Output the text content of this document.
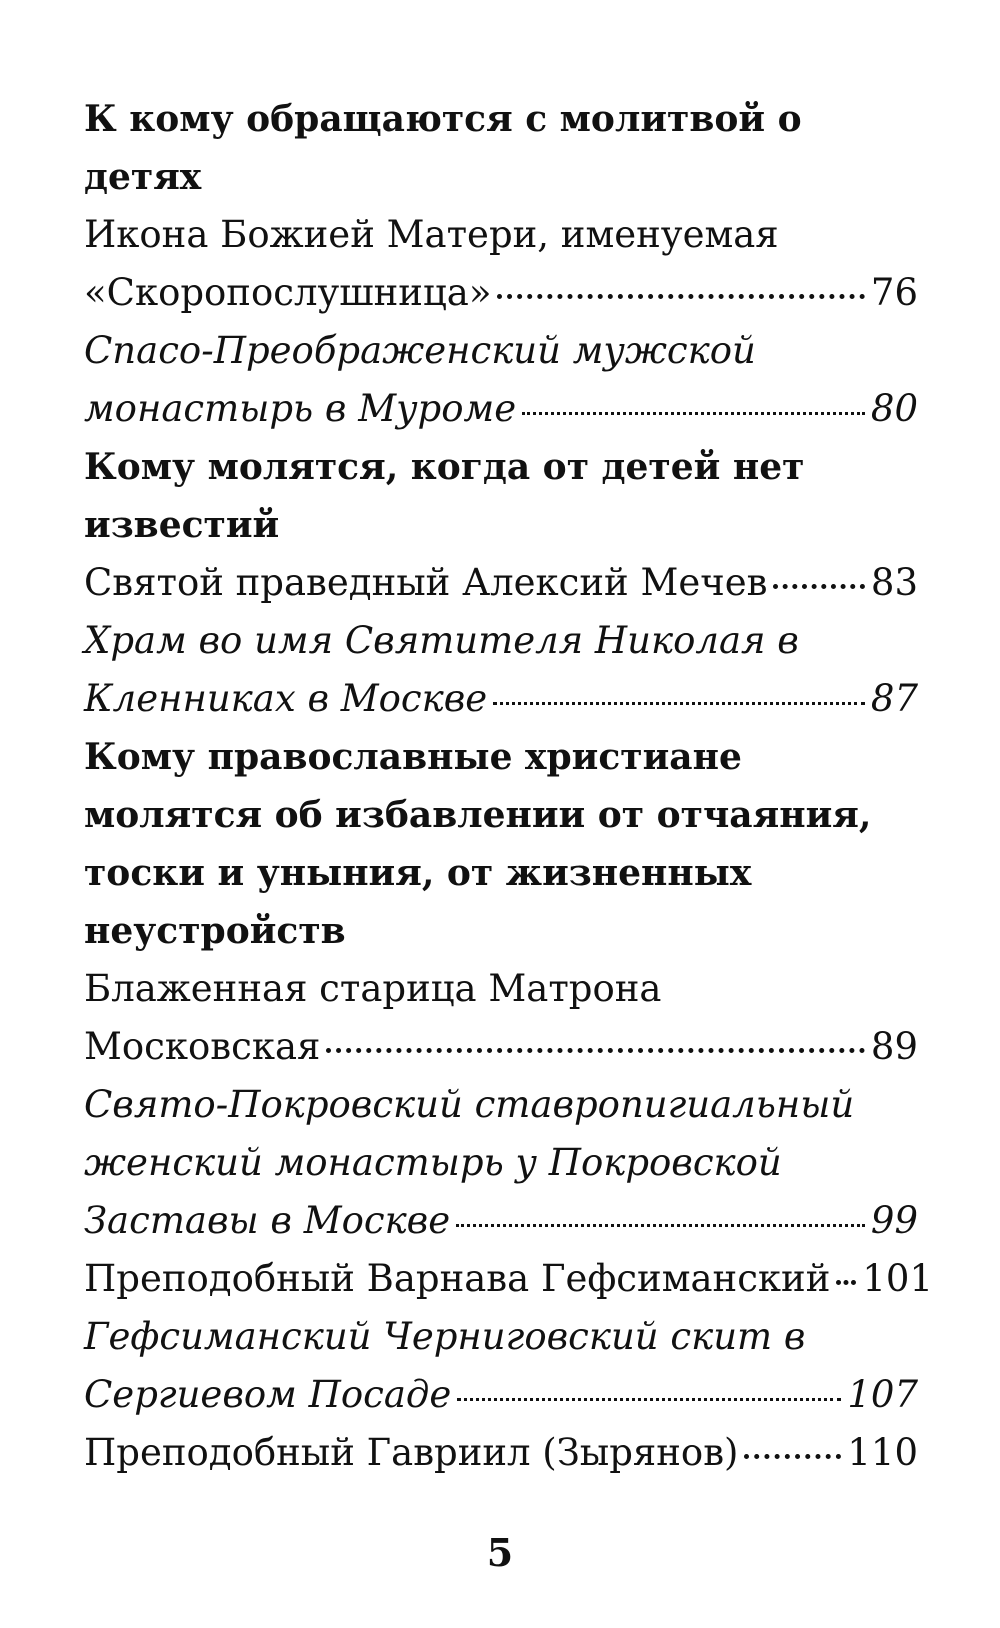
К кому обращаются с молитвой о
детях
Икона Божией Матери, именуемая
«Скоропослушница»	76
Спасо-Преображенский мужской
монастырь в Муроме	80
Кому молятся, когда от детей нет
известий
Святой праведный Алексий Мечев	83
Храм во имя Святителя Николая в
Кленниках в Москве	87
Кому православные христиане
молятся об избавлении от отчаяния,
тоски и уныния, от жизненных
неустройств
Блаженная старица Матрона
Московская	89
Свято-Покровский ставропигиальный
женский монастырь у Покровской
Заставы в Москве	99
Преподобный Варнава Гефсиманский 101
Гефсиманский Черниговский скит в
Сергиевом Посаде	107
Преподобный Гавриил (Зырянов)	110
5
